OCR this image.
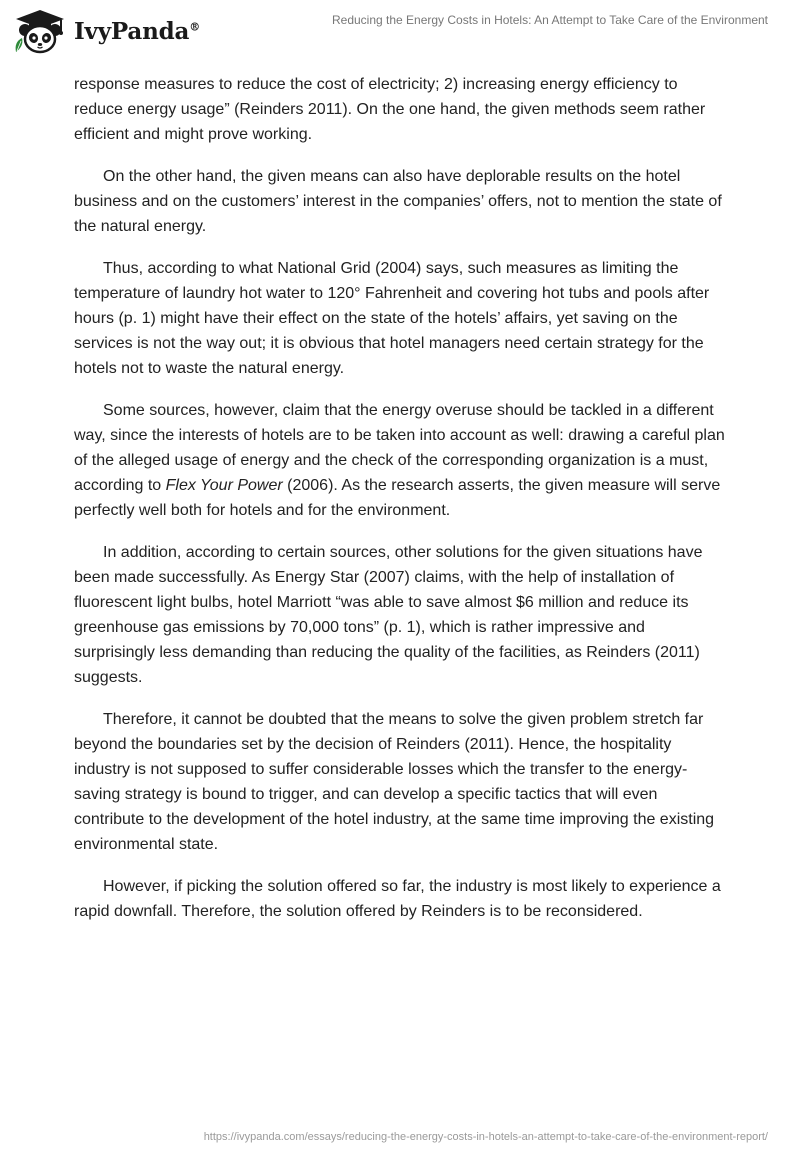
IvyPanda®	Reducing the Energy Costs in Hotels: An Attempt to Take Care of the Environment

response measures to reduce the cost of electricity; 2) increasing energy efficiency to reduce energy usage” (Reinders 2011). On the one hand, the given methods seem rather efficient and might prove working.

On the other hand, the given means can also have deplorable results on the hotel business and on the customers’ interest in the companies’ offers, not to mention the state of the natural energy.

Thus, according to what National Grid (2004) says, such measures as limiting the temperature of laundry hot water to 120° Fahrenheit and covering hot tubs and pools after hours (p. 1) might have their effect on the state of the hotels’ affairs, yet saving on the services is not the way out; it is obvious that hotel managers need certain strategy for the hotels not to waste the natural energy.

Some sources, however, claim that the energy overuse should be tackled in a different way, since the interests of hotels are to be taken into account as well: drawing a careful plan of the alleged usage of energy and the check of the corresponding organization is a must, according to Flex Your Power (2006). As the research asserts, the given measure will serve perfectly well both for hotels and for the environment.

In addition, according to certain sources, other solutions for the given situations have been made successfully. As Energy Star (2007) claims, with the help of installation of fluorescent light bulbs, hotel Marriott “was able to save almost $6 million and reduce its greenhouse gas emissions by 70,000 tons” (p. 1), which is rather impressive and surprisingly less demanding than reducing the quality of the facilities, as Reinders (2011) suggests.

Therefore, it cannot be doubted that the means to solve the given problem stretch far beyond the boundaries set by the decision of Reinders (2011). Hence, the hospitality industry is not supposed to suffer considerable losses which the transfer to the energy-saving strategy is bound to trigger, and can develop a specific tactics that will even contribute to the development of the hotel industry, at the same time improving the existing environmental state.

However, if picking the solution offered so far, the industry is most likely to experience a rapid downfall. Therefore, the solution offered by Reinders is to be reconsidered.

https://ivypanda.com/essays/reducing-the-energy-costs-in-hotels-an-attempt-to-take-care-of-the-environment-report/
